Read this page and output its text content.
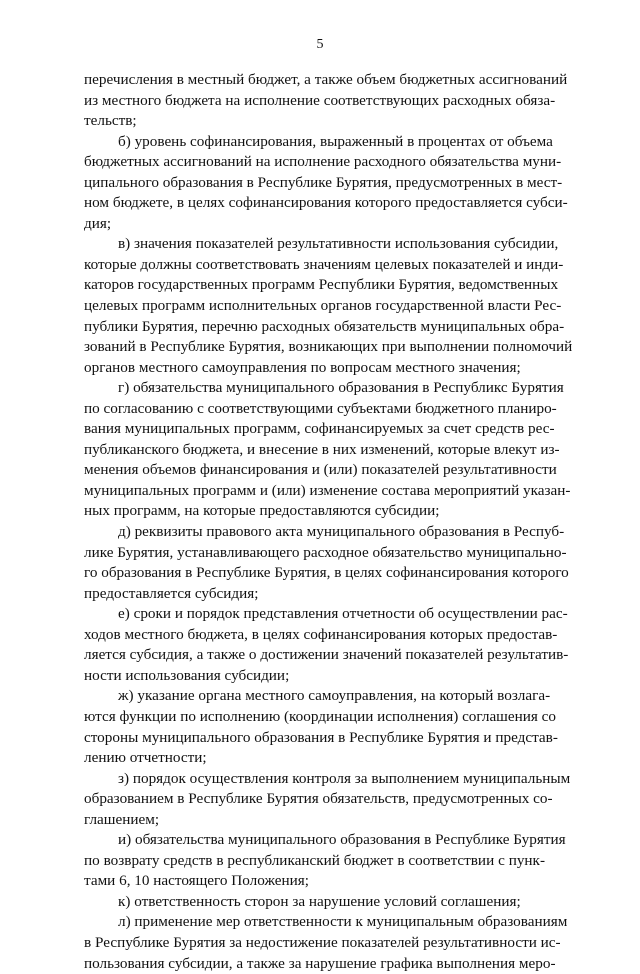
5
перечисления в местный бюджет, а также объем бюджетных ассигнований
из местного бюджета на исполнение соответствующих расходных обяза-
тельств;
б) уровень софинансирования, выраженный в процентах от объема
бюджетных ассигнований на исполнение расходного обязательства муни-
ципального образования в Республике Бурятия, предусмотренных в мест-
ном бюджете, в целях софинансирования которого предоставляется субси-
дия;
в) значения показателей результативности использования субсидии,
которые должны соответствовать значениям целевых показателей и инди-
каторов государственных программ Республики Бурятия, ведомственных
целевых программ исполнительных органов государственной власти Рес-
публики Бурятия, перечню расходных обязательств муниципальных обра-
зований в Республике Бурятия, возникающих при выполнении полномочий
органов местного самоуправления по вопросам местного значения;
г) обязательства муниципального образования в Республикс Бурятия
по согласованию с соответствующими субъектами бюджетного планиро-
вания муниципальных программ, софинансируемых за счет средств рес-
публиканского бюджета, и внесение в них изменений, которые влекут из-
менения объемов финансирования и (или) показателей результативности
муниципальных программ и (или) изменение состава мероприятий указан-
ных программ, на которые предоставляются субсидии;
д) реквизиты правового акта муниципального образования в Респуб-
лике Бурятия, устанавливающего расходное обязательство муниципально-
го образования в Республике Бурятия, в целях софинансирования которого
предоставляется субсидия;
е) сроки и порядок представления отчетности об осуществлении рас-
ходов местного бюджета, в целях софинансирования которых предостав-
ляется субсидия, а также о достижении значений показателей результатив-
ности использования субсидии;
ж) указание органа местного самоуправления, на который возлага-
ются функции по исполнению (координации исполнения) соглашения со
стороны муниципального образования в Республике Бурятия и представ-
лению отчетности;
з) порядок осуществления контроля за выполнением муниципальным
образованием в Республике Бурятия обязательств, предусмотренных со-
глашением;
и) обязательства муниципального образования в Республике Бурятия
по возврату средств в республиканский бюджет в соответствии с пунк-
тами 6, 10 настоящего Положения;
к) ответственность сторон за нарушение условий соглашения;
л) применение мер ответственности к муниципальным образованиям
в Республике Бурятия за недостижение показателей результативности ис-
пользования субсидии, а также за нарушение графика выполнения меро-
